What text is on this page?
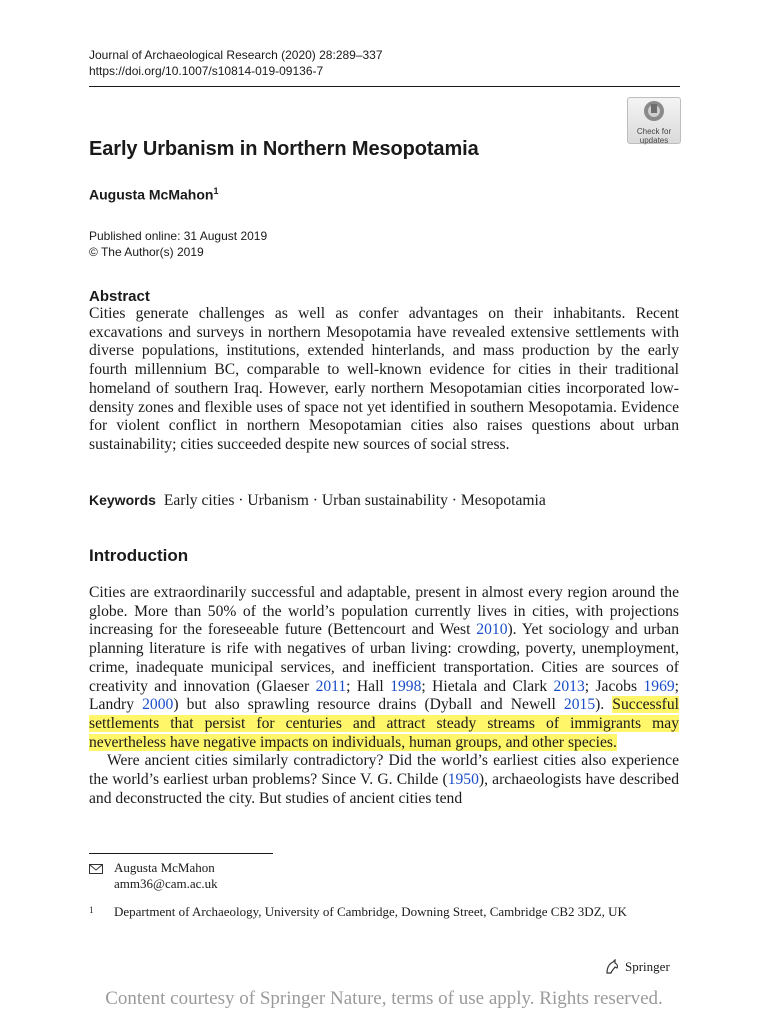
Journal of Archaeological Research (2020) 28:289–337
https://doi.org/10.1007/s10814-019-09136-7
Check for
updates
Early Urbanism in Northern Mesopotamia
Augusta McMahon$^1$
Published online: 31 August 2019
© The Author(s) 2019
Abstract
Cities generate challenges as well as confer advantages on their inhabitants. Recent excavations and surveys in northern Mesopotamia have revealed extensive settlements with diverse populations, institutions, extended hinterlands, and mass production by the early fourth millennium BC, comparable to well-known evidence for cities in their traditional homeland of southern Iraq. However, early northern Mesopotamian cities incorporated low-density zones and flexible uses of space not yet identified in southern Mesopotamia. Evidence for violent conflict in northern Mesopotamian cities also raises questions about urban sustainability; cities succeeded despite new sources of social stress.
Keywords Early cities · Urbanism · Urban sustainability · Mesopotamia
Introduction
Cities are extraordinarily successful and adaptable, present in almost every region around the globe. More than 50% of the world’s population currently lives in cities, with projections increasing for the foreseeable future (Bettencourt and West 2010). Yet sociology and urban planning literature is rife with negatives of urban living: crowding, poverty, unemployment, crime, inadequate municipal services, and inefficient transportation. Cities are sources of creativity and innovation (Glaeser 2011; Hall 1998; Hietala and Clark 2013; Jacobs 1969; Landry 2000) but also sprawling resource drains (Dyball and Newell 2015). Successful settlements that persist for centuries and attract steady streams of immigrants may nevertheless have negative impacts on individuals, human groups, and other species.
Were ancient cities similarly contradictory? Did the world’s earliest cities also experience the world’s earliest urban problems? Since V. G. Childe (1950), archaeologists have described and deconstructed the city. But studies of ancient cities tend
Augusta McMahon
amm36@cam.ac.uk
1 Department of Archaeology, University of Cambridge, Downing Street, Cambridge CB2 3DZ, UK
Springer
Content courtesy of Springer Nature, terms of use apply. Rights reserved.
